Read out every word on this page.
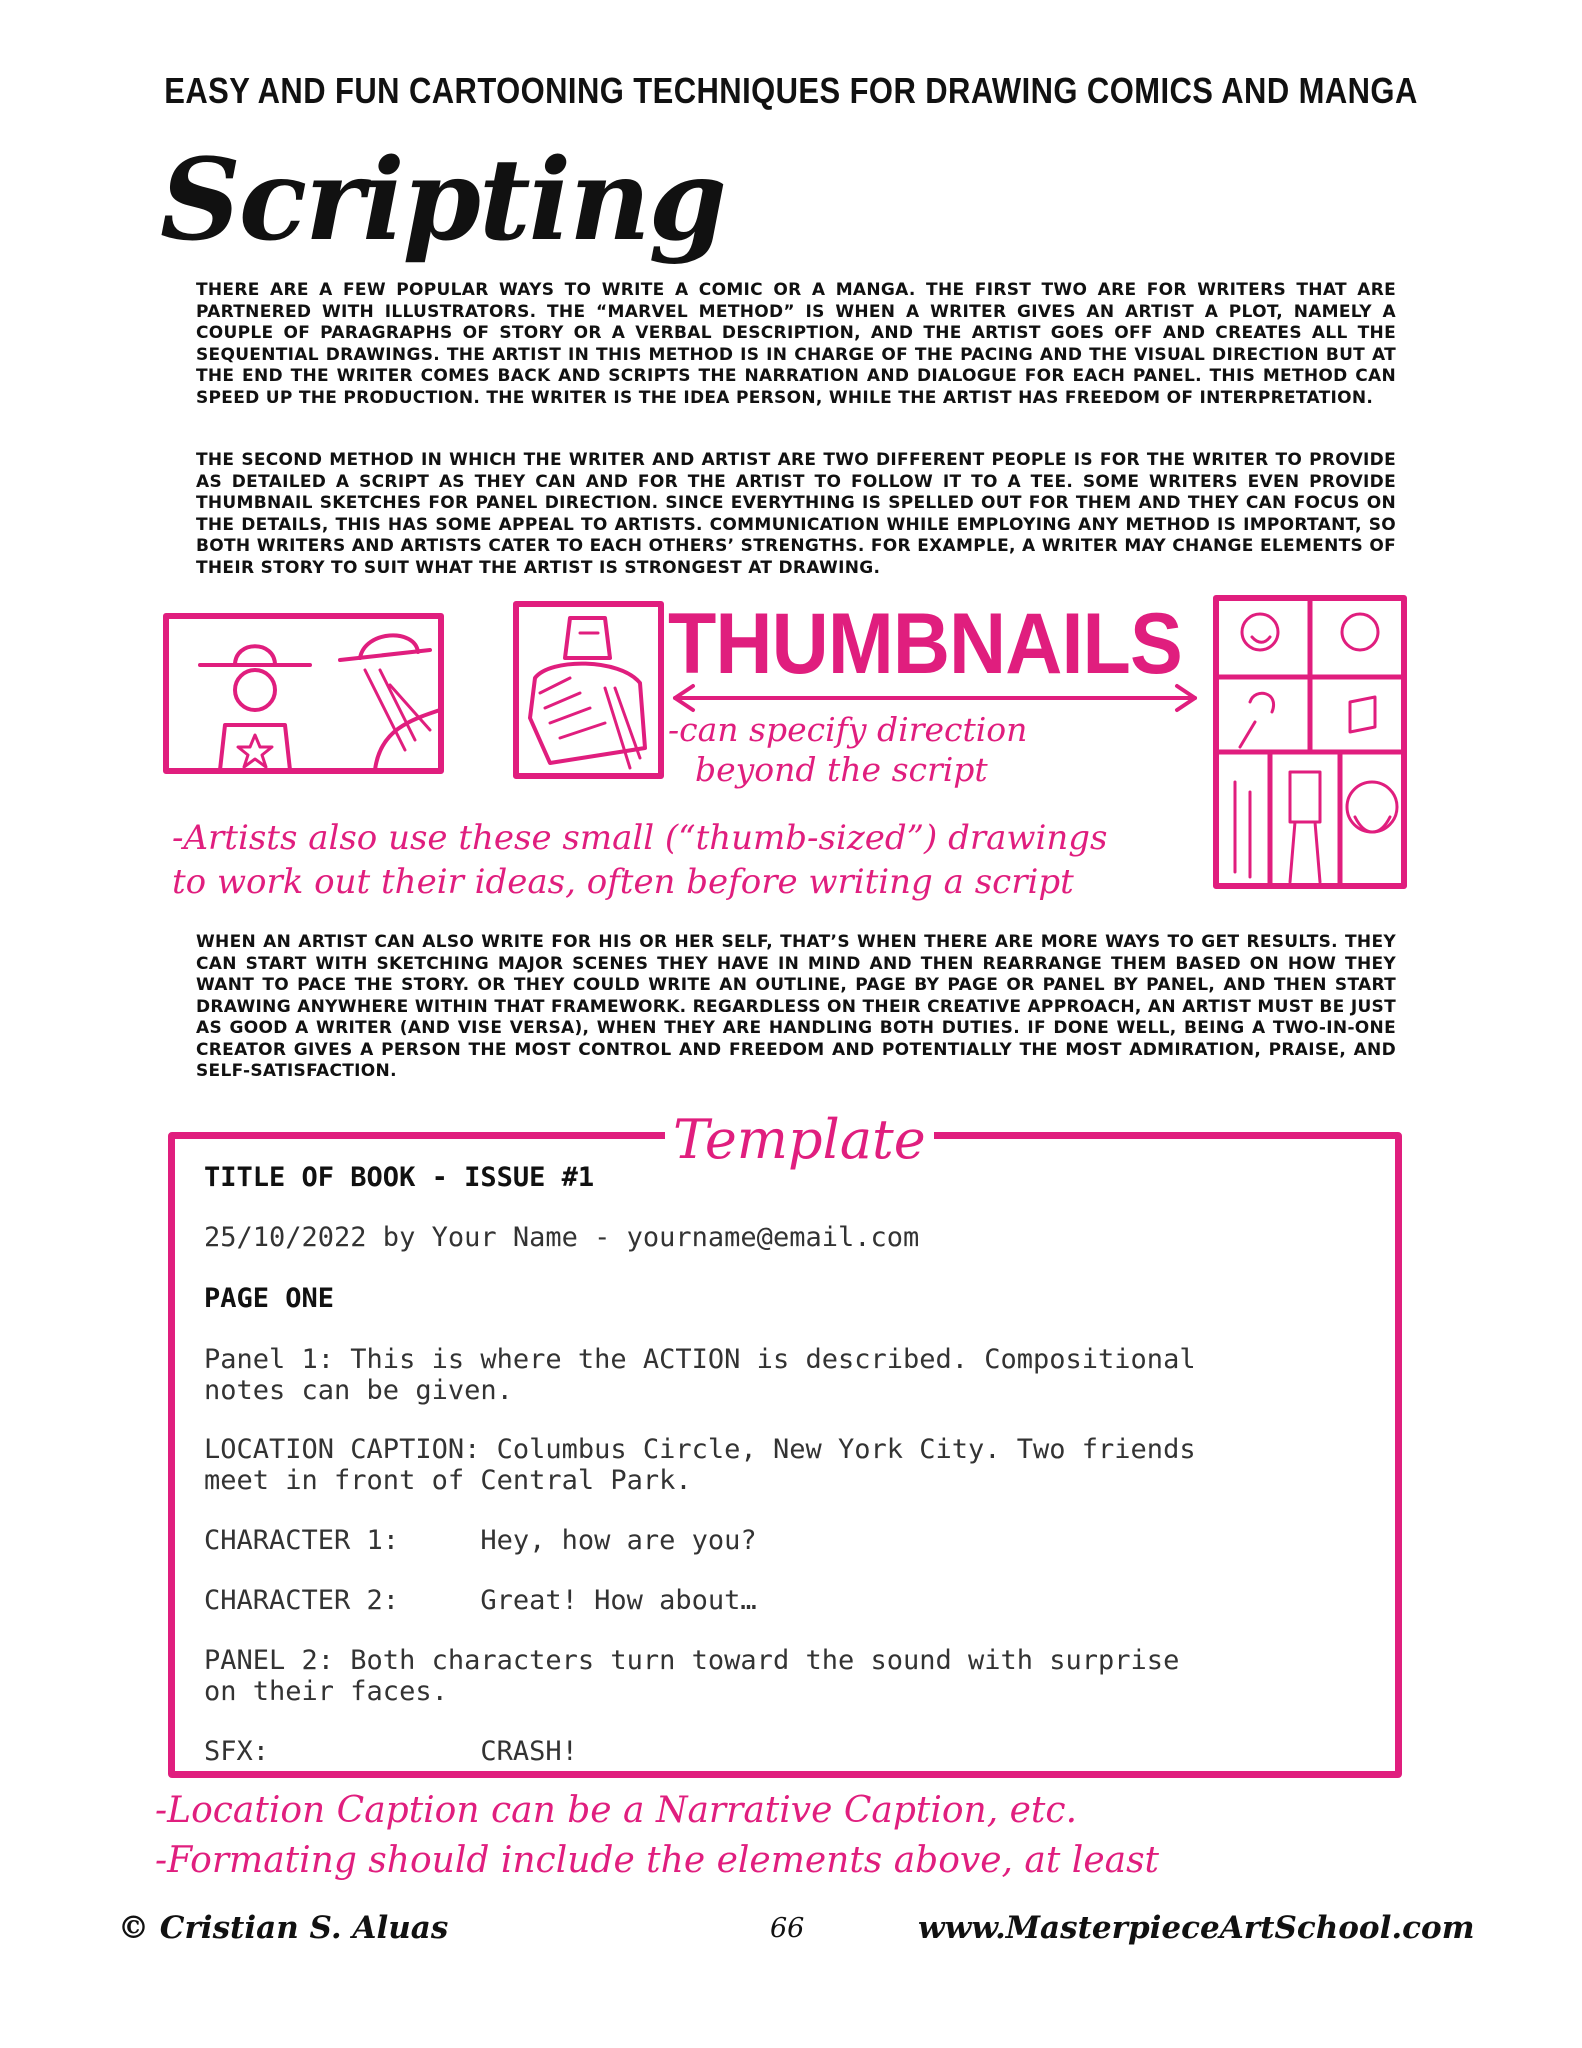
EASY AND FUN CARTOONING TECHNIQUES FOR DRAWING COMICS AND MANGA
Scripting
THERE ARE A FEW POPULAR WAYS TO WRITE A COMIC OR A MANGA. THE FIRST TWO ARE FOR WRITERS THAT ARE PARTNERED WITH ILLUSTRATORS. THE “MARVEL METHOD” IS WHEN A WRITER GIVES AN ARTIST A PLOT, NAMELY A COUPLE OF PARAGRAPHS OF STORY OR A VERBAL DESCRIPTION, AND THE ARTIST GOES OFF AND CREATES ALL THE SEQUENTIAL DRAWINGS. THE ARTIST IN THIS METHOD IS IN CHARGE OF THE PACING AND THE VISUAL DIRECTION BUT AT THE END THE WRITER COMES BACK AND SCRIPTS THE NARRATION AND DIALOGUE FOR EACH PANEL. THIS METHOD CAN SPEED UP THE PRODUCTION. THE WRITER IS THE IDEA PERSON, WHILE THE ARTIST HAS FREEDOM OF INTERPRETATION.
THE SECOND METHOD IN WHICH THE WRITER AND ARTIST ARE TWO DIFFERENT PEOPLE IS FOR THE WRITER TO PROVIDE AS DETAILED A SCRIPT AS THEY CAN AND FOR THE ARTIST TO FOLLOW IT TO A TEE. SOME WRITERS EVEN PROVIDE THUMBNAIL SKETCHES FOR PANEL DIRECTION. SINCE EVERYTHING IS SPELLED OUT FOR THEM AND THEY CAN FOCUS ON THE DETAILS, THIS HAS SOME APPEAL TO ARTISTS. COMMUNICATION WHILE EMPLOYING ANY METHOD IS IMPORTANT, SO BOTH WRITERS AND ARTISTS CATER TO EACH OTHERS’ STRENGTHS. FOR EXAMPLE, A WRITER MAY CHANGE ELEMENTS OF THEIR STORY TO SUIT WHAT THE ARTIST IS STRONGEST AT DRAWING.
THUMBNAILS
-can specify direction
beyond the script
-Artists also use these small (“thumb-sized”) drawings
to work out their ideas, often before writing a script
WHEN AN ARTIST CAN ALSO WRITE FOR HIS OR HER SELF, THAT’S WHEN THERE ARE MORE WAYS TO GET RESULTS. THEY CAN START WITH SKETCHING MAJOR SCENES THEY HAVE IN MIND AND THEN REARRANGE THEM BASED ON HOW THEY WANT TO PACE THE STORY. OR THEY COULD WRITE AN OUTLINE, PAGE BY PAGE OR PANEL BY PANEL, AND THEN START DRAWING ANYWHERE WITHIN THAT FRAMEWORK. REGARDLESS ON THEIR CREATIVE APPROACH, AN ARTIST MUST BE JUST AS GOOD A WRITER (AND VISE VERSA), WHEN THEY ARE HANDLING BOTH DUTIES. IF DONE WELL, BEING A TWO-IN-ONE CREATOR GIVES A PERSON THE MOST CONTROL AND FREEDOM AND POTENTIALLY THE MOST ADMIRATION, PRAISE, AND SELF-SATISFACTION.
Template
TITLE OF BOOK - ISSUE #1
25/10/2022 by Your Name - yourname@email.com
PAGE ONE
Panel 1: This is where the ACTION is described. Compositional
notes can be given.
LOCATION CAPTION: Columbus Circle, New York City. Two friends
meet in front of Central Park.
CHARACTER 1:     Hey, how are you?
CHARACTER 2:     Great! How about…
PANEL 2: Both characters turn toward the sound with surprise
on their faces.
SFX:             CRASH!
-Location Caption can be a Narrative Caption, etc.
-Formating should include the elements above, at least
© Cristian S. Aluas	66	www.MasterpieceArtSchool.com
